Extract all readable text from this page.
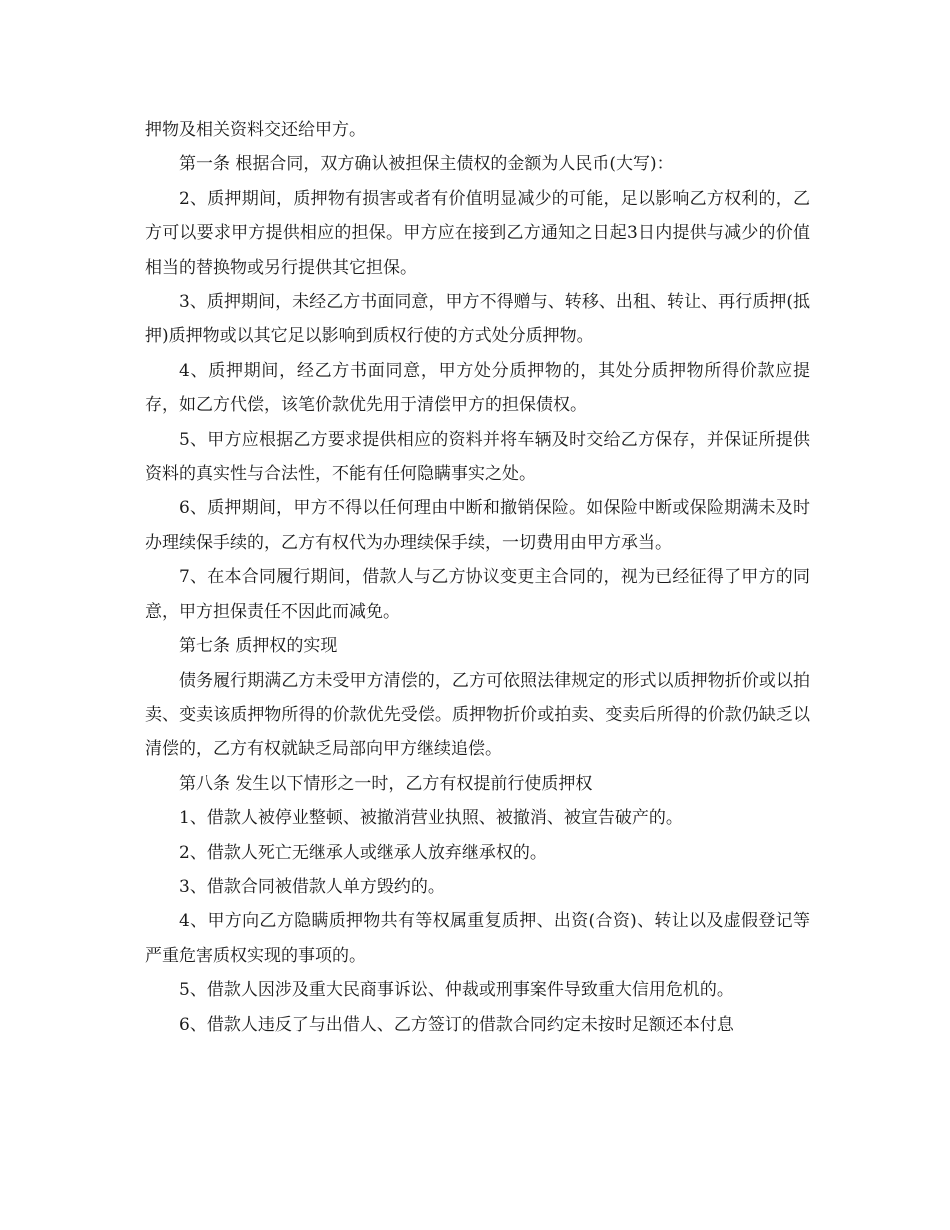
押物及相关资料交还给甲方。

第一条 根据合同，双方确认被担保主债权的金额为人民币(大写)：

2、质押期间，质押物有损害或者有价值明显减少的可能，足以影响乙方权利的，乙方可以要求甲方提供相应的担保。甲方应在接到乙方通知之日起3日内提供与减少的价值相当的替换物或另行提供其它担保。

3、质押期间，未经乙方书面同意，甲方不得赠与、转移、出租、转让、再行质押(抵押)质押物或以其它足以影响到质权行使的方式处分质押物。

4、质押期间，经乙方书面同意，甲方处分质押物的，其处分质押物所得价款应提存，如乙方代偿，该笔价款优先用于清偿甲方的担保债权。

5、甲方应根据乙方要求提供相应的资料并将车辆及时交给乙方保存，并保证所提供资料的真实性与合法性，不能有任何隐瞒事实之处。

6、质押期间，甲方不得以任何理由中断和撤销保险。如保险中断或保险期满未及时办理续保手续的，乙方有权代为办理续保手续，一切费用由甲方承当。

7、在本合同履行期间，借款人与乙方协议变更主合同的，视为已经征得了甲方的同意，甲方担保责任不因此而减免。

第七条 质押权的实现

债务履行期满乙方未受甲方清偿的，乙方可依照法律规定的形式以质押物折价或以拍卖、变卖该质押物所得的价款优先受偿。质押物折价或拍卖、变卖后所得的价款仍缺乏以清偿的，乙方有权就缺乏局部向甲方继续追偿。

第八条 发生以下情形之一时，乙方有权提前行使质押权

1、借款人被停业整顿、被撤消营业执照、被撤消、被宣告破产的。

2、借款人死亡无继承人或继承人放弃继承权的。

3、借款合同被借款人单方毁约的。

4、甲方向乙方隐瞒质押物共有等权属重复质押、出资(合资)、转让以及虚假登记等严重危害质权实现的事项的。

5、借款人因涉及重大民商事诉讼、仲裁或刑事案件导致重大信用危机的。

6、借款人违反了与出借人、乙方签订的借款合同约定未按时足额还本付息
